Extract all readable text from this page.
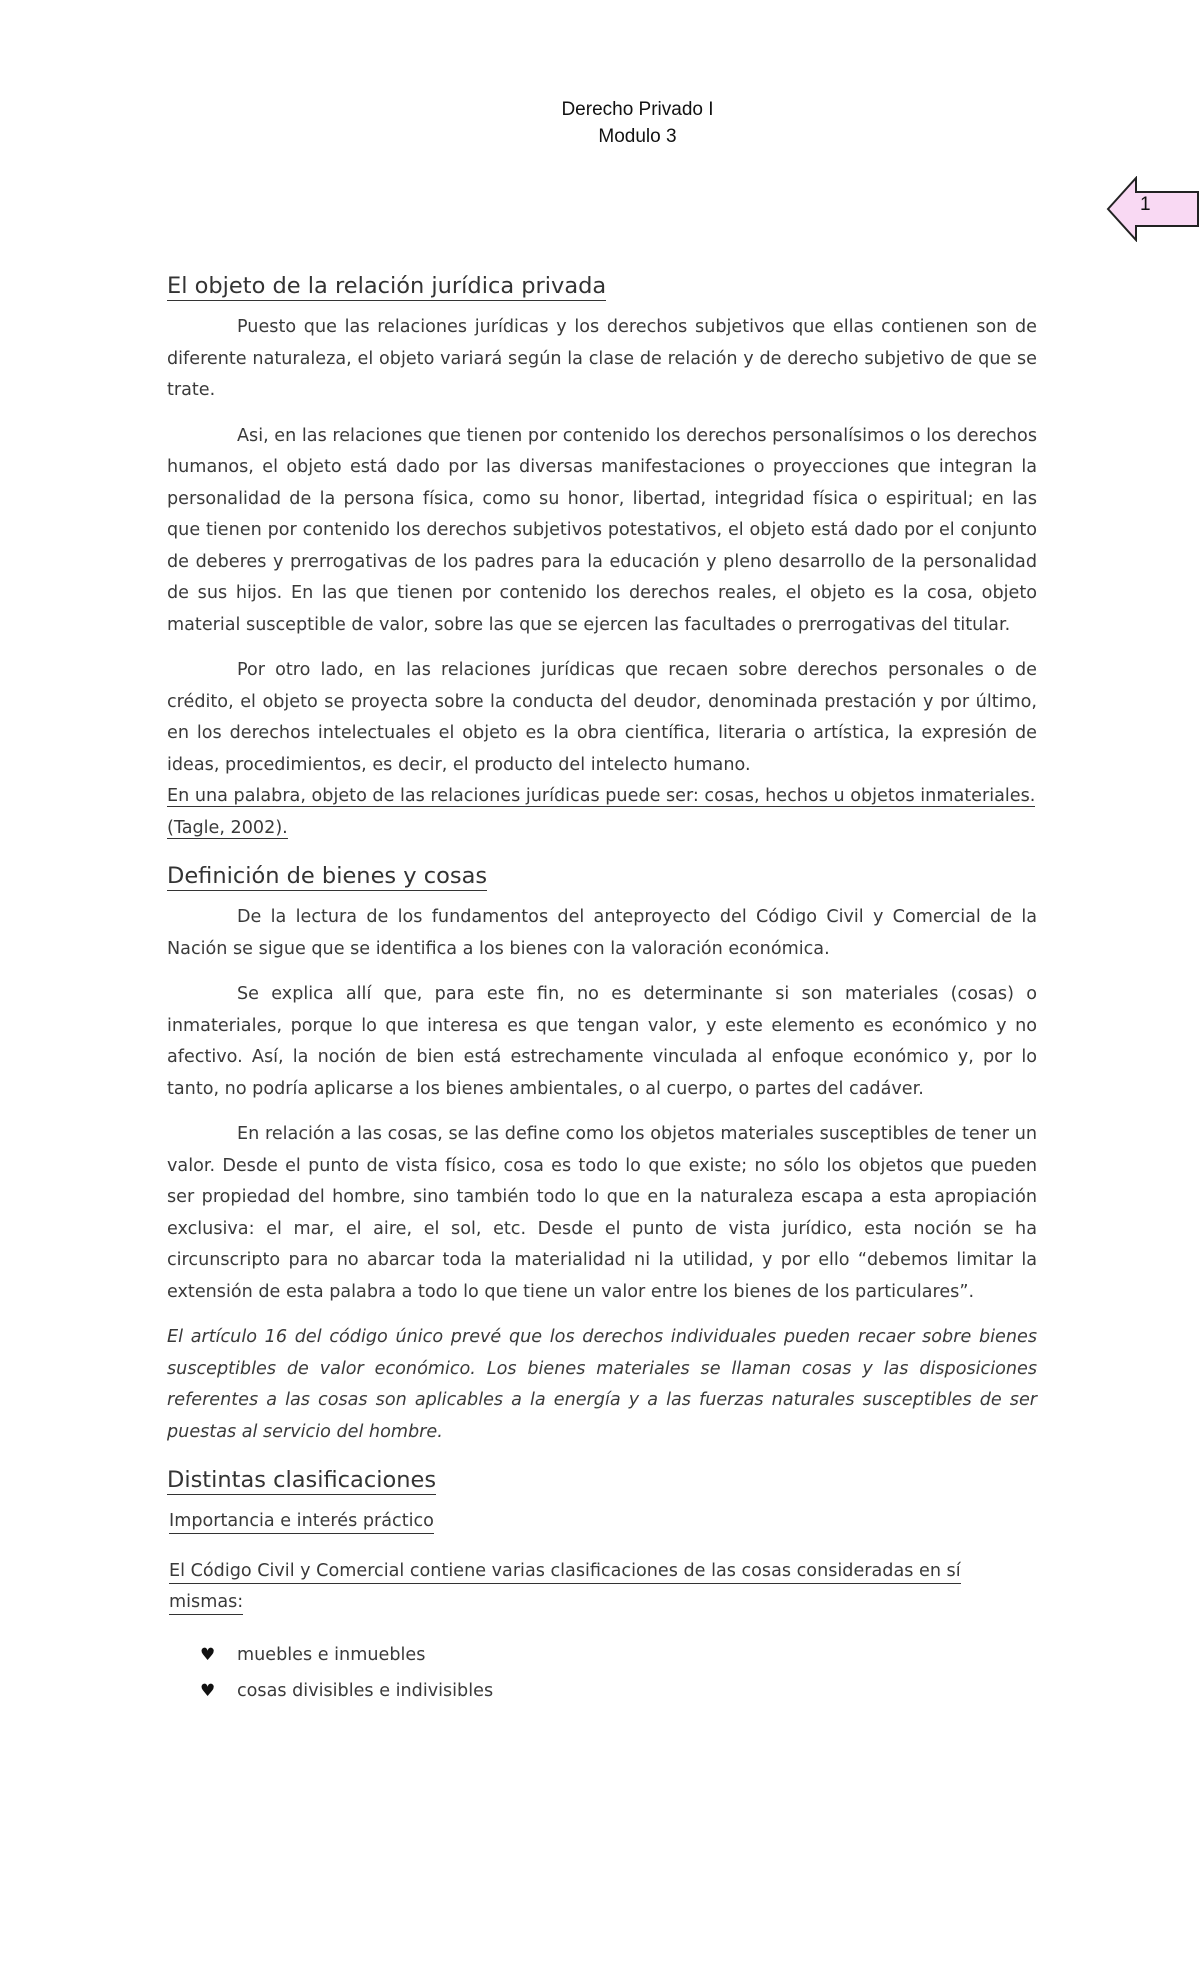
Derecho Privado I
Modulo 3
1
El objeto de la relación jurídica privada

Puesto que las relaciones jurídicas y los derechos subjetivos que ellas contienen son de diferente naturaleza, el objeto variará según la clase de relación y de derecho subjetivo de que se trate.

Asi, en las relaciones que tienen por contenido los derechos personalísimos o los derechos humanos, el objeto está dado por las diversas manifestaciones o proyecciones que integran la personalidad de la persona física, como su honor, libertad, integridad física o espiritual; en las que tienen por contenido los derechos subjetivos potestativos, el objeto está dado por el conjunto de deberes y prerrogativas de los padres para la educación y pleno desarrollo de la personalidad de sus hijos. En las que tienen por contenido los derechos reales, el objeto es la cosa, objeto material susceptible de valor, sobre las que se ejercen las facultades o prerrogativas del titular.

Por otro lado, en las relaciones jurídicas que recaen sobre derechos personales o de crédito, el objeto se proyecta sobre la conducta del deudor, denominada prestación y por último, en los derechos intelectuales el objeto es la obra científica, literaria o artística, la expresión de ideas, procedimientos, es decir, el producto del intelecto humano.

En una palabra, objeto de las relaciones jurídicas puede ser: cosas, hechos u objetos inmateriales.
(Tagle, 2002).
Definición de bienes y cosas

De la lectura de los fundamentos del anteproyecto del Código Civil y Comercial de la Nación se sigue que se identifica a los bienes con la valoración económica.

Se explica allí que, para este fin, no es determinante si son materiales (cosas) o inmateriales, porque lo que interesa es que tengan valor, y este elemento es económico y no afectivo. Así, la noción de bien está estrechamente vinculada al enfoque económico y, por lo tanto, no podría aplicarse a los bienes ambientales, o al cuerpo, o partes del cadáver.

En relación a las cosas, se las define como los objetos materiales susceptibles de tener un valor. Desde el punto de vista físico, cosa es todo lo que existe; no sólo los objetos que pueden ser propiedad del hombre, sino también todo lo que en la naturaleza escapa a esta apropiación exclusiva: el mar, el aire, el sol, etc. Desde el punto de vista jurídico, esta noción se ha circunscripto para no abarcar toda la materialidad ni la utilidad, y por ello “debemos limitar la extensión de esta palabra a todo lo que tiene un valor entre los bienes de los particulares”.

El artículo 16 del código único prevé que los derechos individuales pueden recaer sobre bienes susceptibles de valor económico. Los bienes materiales se llaman cosas y las disposiciones referentes a las cosas son aplicables a la energía y a las fuerzas naturales susceptibles de ser puestas al servicio del hombre.

Distintas clasificaciones
Importancia e interés práctico
El Código Civil y Comercial contiene varias clasificaciones de las cosas consideradas en sí mismas:
♥ muebles e inmuebles
♥ cosas divisibles e indivisibles
